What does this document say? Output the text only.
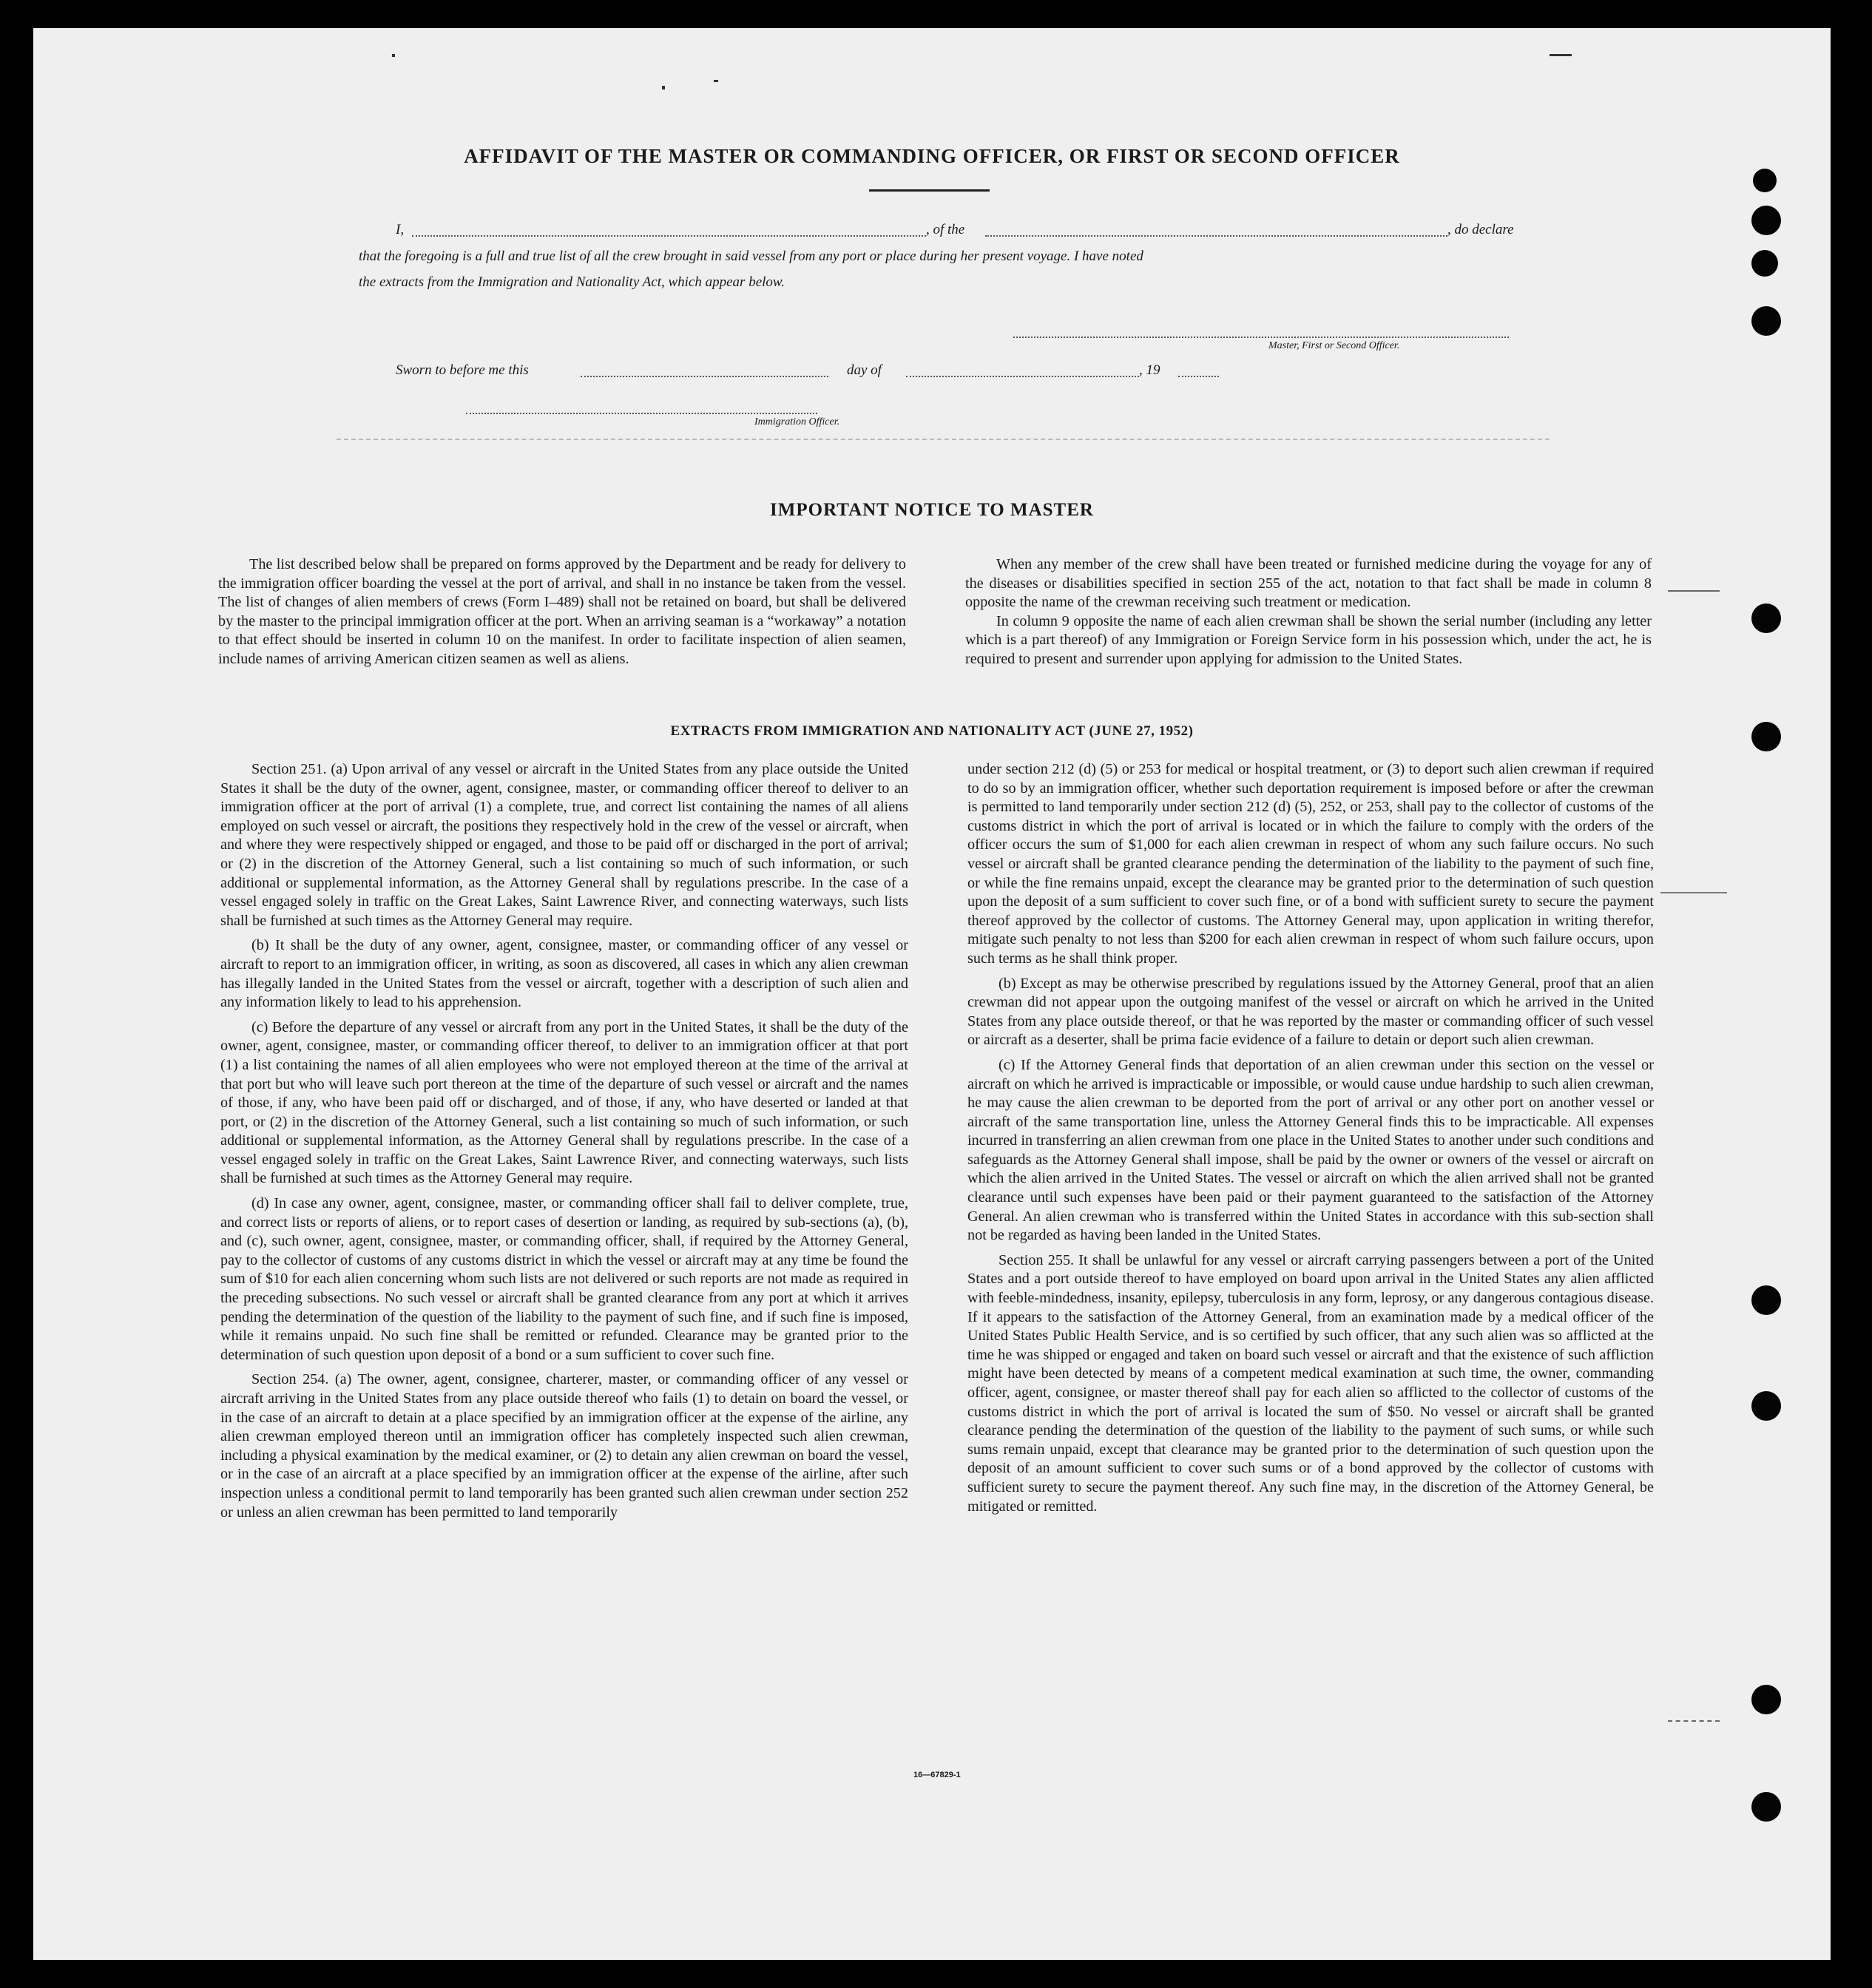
AFFIDAVIT OF THE MASTER OR COMMANDING OFFICER, OR FIRST OR SECOND OFFICER
I,	, of the	, do declare
that the foregoing is a full and true list of all the crew brought in said vessel from any port or place during her present voyage. I have noted
the extracts from the Immigration and Nationality Act, which appear below.
Master, First or Second Officer.
Sworn to before me this	day of	, 19
Immigration Officer.
IMPORTANT NOTICE TO MASTER

The list described below shall be prepared on forms approved by the Department and be ready for delivery to the immigration officer boarding the vessel at the port of arrival, and shall in no instance be taken from the vessel. The list of changes of alien members of crews (Form I–489) shall not be retained on board, but shall be delivered by the master to the principal immigration officer at the port. When an arriving seaman is a “workaway” a notation to that effect should be inserted in column 10 on the manifest. In order to facilitate inspection of alien seamen, include names of arriving American citizen seamen as well as aliens.

When any member of the crew shall have been treated or furnished medicine during the voyage for any of the diseases or disabilities specified in section 255 of the act, notation to that fact shall be made in column 8 opposite the name of the crewman receiving such treatment or medication.

In column 9 opposite the name of each alien crewman shall be shown the serial number (including any letter which is a part thereof) of any Immigration or Foreign Service form in his possession which, under the act, he is required to present and surrender upon applying for admission to the United States.

EXTRACTS FROM IMMIGRATION AND NATIONALITY ACT (JUNE 27, 1952)

Section 251. (a) Upon arrival of any vessel or aircraft in the United States from any place outside the United States it shall be the duty of the owner, agent, consignee, master, or commanding officer thereof to deliver to an immigration officer at the port of arrival (1) a complete, true, and correct list containing the names of all aliens employed on such vessel or aircraft, the positions they respectively hold in the crew of the vessel or aircraft, when and where they were respectively shipped or engaged, and those to be paid off or discharged in the port of arrival; or (2) in the discretion of the Attorney General, such a list containing so much of such information, or such additional or supplemental information, as the Attorney General shall by regulations prescribe. In the case of a vessel engaged solely in traffic on the Great Lakes, Saint Lawrence River, and connecting waterways, such lists shall be furnished at such times as the Attorney General may require.

(b) It shall be the duty of any owner, agent, consignee, master, or commanding officer of any vessel or aircraft to report to an immigration officer, in writing, as soon as discovered, all cases in which any alien crewman has illegally landed in the United States from the vessel or aircraft, together with a description of such alien and any information likely to lead to his apprehension.

(c) Before the departure of any vessel or aircraft from any port in the United States, it shall be the duty of the owner, agent, consignee, master, or commanding officer thereof, to deliver to an immigration officer at that port (1) a list containing the names of all alien employees who were not employed thereon at the time of the arrival at that port but who will leave such port thereon at the time of the departure of such vessel or aircraft and the names of those, if any, who have been paid off or discharged, and of those, if any, who have deserted or landed at that port, or (2) in the discretion of the Attorney General, such a list containing so much of such information, or such additional or supplemental information, as the Attorney General shall by regulations prescribe. In the case of a vessel engaged solely in traffic on the Great Lakes, Saint Lawrence River, and connecting waterways, such lists shall be furnished at such times as the Attorney General may require.

(d) In case any owner, agent, consignee, master, or commanding officer shall fail to deliver complete, true, and correct lists or reports of aliens, or to report cases of desertion or landing, as required by sub-sections (a), (b), and (c), such owner, agent, consignee, master, or commanding officer, shall, if required by the Attorney General, pay to the collector of customs of any customs district in which the vessel or aircraft may at any time be found the sum of $10 for each alien concerning whom such lists are not delivered or such reports are not made as required in the preceding subsections. No such vessel or aircraft shall be granted clearance from any port at which it arrives pending the determination of the question of the liability to the payment of such fine, and if such fine is imposed, while it remains unpaid. No such fine shall be remitted or refunded. Clearance may be granted prior to the determination of such question upon deposit of a bond or a sum sufficient to cover such fine.

Section 254. (a) The owner, agent, consignee, charterer, master, or commanding officer of any vessel or aircraft arriving in the United States from any place outside thereof who fails (1) to detain on board the vessel, or in the case of an aircraft to detain at a place specified by an immigration officer at the expense of the airline, any alien crewman employed thereon until an immigration officer has completely inspected such alien crewman, including a physical examination by the medical examiner, or (2) to detain any alien crewman on board the vessel, or in the case of an aircraft at a place specified by an immigration officer at the expense of the airline, after such inspection unless a conditional permit to land temporarily has been granted such alien crewman under section 252 or unless an alien crewman has been permitted to land temporarily

under section 212 (d) (5) or 253 for medical or hospital treatment, or (3) to deport such alien crewman if required to do so by an immigration officer, whether such deportation requirement is imposed before or after the crewman is permitted to land temporarily under section 212 (d) (5), 252, or 253, shall pay to the collector of customs of the customs district in which the port of arrival is located or in which the failure to comply with the orders of the officer occurs the sum of $1,000 for each alien crewman in respect of whom any such failure occurs. No such vessel or aircraft shall be granted clearance pending the determination of the liability to the payment of such fine, or while the fine remains unpaid, except the clearance may be granted prior to the determination of such question upon the deposit of a sum sufficient to cover such fine, or of a bond with sufficient surety to secure the payment thereof approved by the collector of customs. The Attorney General may, upon application in writing therefor, mitigate such penalty to not less than $200 for each alien crewman in respect of whom such failure occurs, upon such terms as he shall think proper.

(b) Except as may be otherwise prescribed by regulations issued by the Attorney General, proof that an alien crewman did not appear upon the outgoing manifest of the vessel or aircraft on which he arrived in the United States from any place outside thereof, or that he was reported by the master or commanding officer of such vessel or aircraft as a deserter, shall be prima facie evidence of a failure to detain or deport such alien crewman.

(c) If the Attorney General finds that deportation of an alien crewman under this section on the vessel or aircraft on which he arrived is impracticable or impossible, or would cause undue hardship to such alien crewman, he may cause the alien crewman to be deported from the port of arrival or any other port on another vessel or aircraft of the same transportation line, unless the Attorney General finds this to be impracticable. All expenses incurred in transferring an alien crewman from one place in the United States to another under such conditions and safeguards as the Attorney General shall impose, shall be paid by the owner or owners of the vessel or aircraft on which the alien arrived in the United States. The vessel or aircraft on which the alien arrived shall not be granted clearance until such expenses have been paid or their payment guaranteed to the satisfaction of the Attorney General. An alien crewman who is transferred within the United States in accordance with this sub-section shall not be regarded as having been landed in the United States.

Section 255. It shall be unlawful for any vessel or aircraft carrying passengers between a port of the United States and a port outside thereof to have employed on board upon arrival in the United States any alien afflicted with feeble-mindedness, insanity, epilepsy, tuberculosis in any form, leprosy, or any dangerous contagious disease. If it appears to the satisfaction of the Attorney General, from an examination made by a medical officer of the United States Public Health Service, and is so certified by such officer, that any such alien was so afflicted at the time he was shipped or engaged and taken on board such vessel or aircraft and that the existence of such affliction might have been detected by means of a competent medical examination at such time, the owner, commanding officer, agent, consignee, or master thereof shall pay for each alien so afflicted to the collector of customs of the customs district in which the port of arrival is located the sum of $50. No vessel or aircraft shall be granted clearance pending the determination of the question of the liability to the payment of such sums, or while such sums remain unpaid, except that clearance may be granted prior to the determination of such question upon the deposit of an amount sufficient to cover such sums or of a bond approved by the collector of customs with sufficient surety to secure the payment thereof. Any such fine may, in the discretion of the Attorney General, be mitigated or remitted.

16—67829-1
